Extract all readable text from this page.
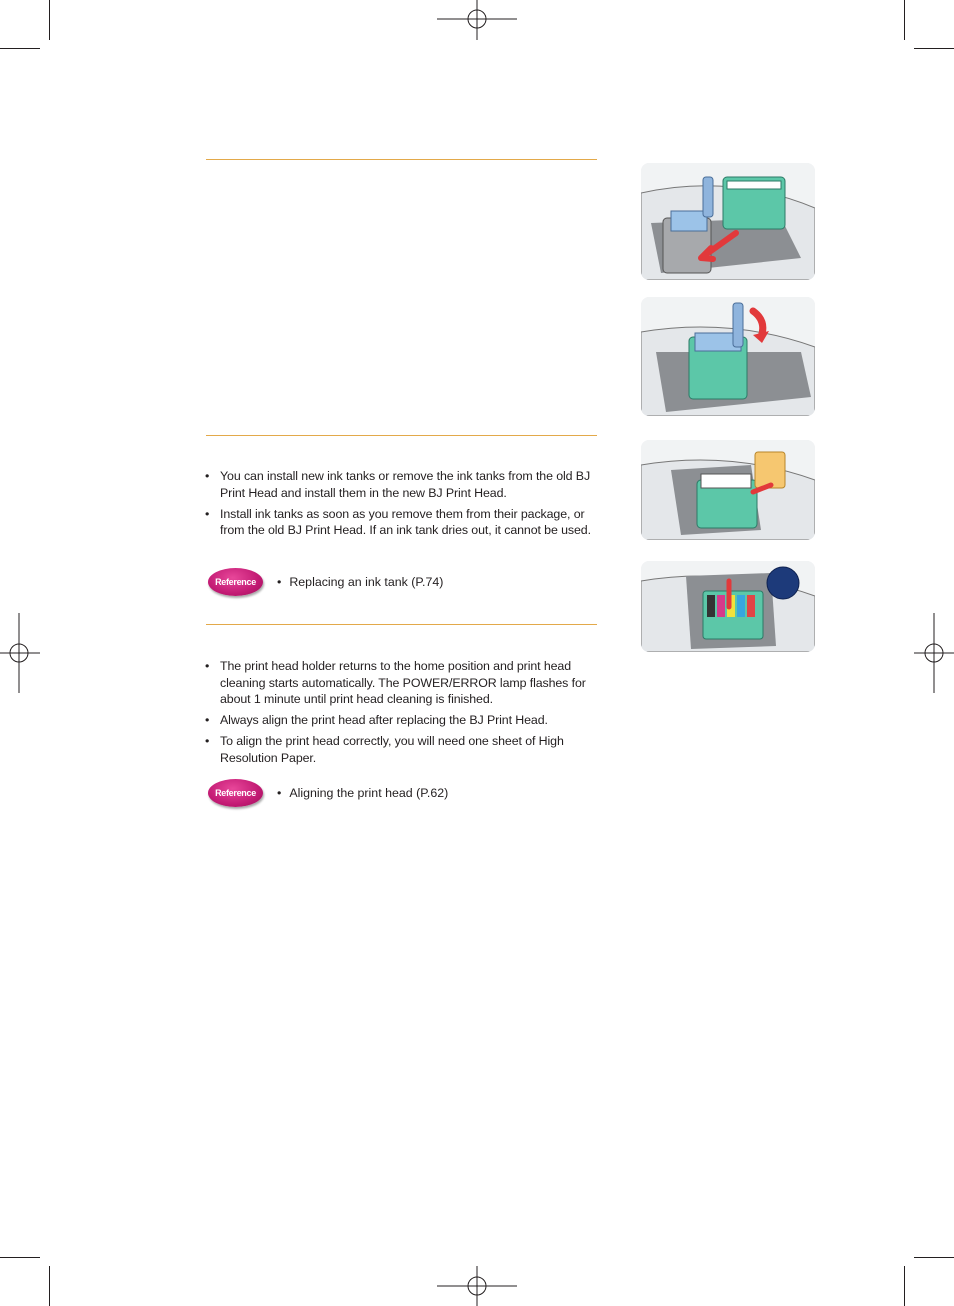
• You can install new ink tanks or remove the ink tanks from the old BJ Print Head and install them in the new BJ Print Head.
• Install ink tanks as soon as you remove them from their package, or from the old BJ Print Head. If an ink tank dries out, it cannot be used.
Reference	• Replacing an ink tank (P.74)
• The print head holder returns to the home position and print head cleaning starts automatically. The POWER/ERROR lamp flashes for about 1 minute until print head cleaning is finished.
• Always align the print head after replacing the BJ Print Head.
• To align the print head correctly, you will need one sheet of High Resolution Paper.
Reference	• Aligning the print head (P.62)
